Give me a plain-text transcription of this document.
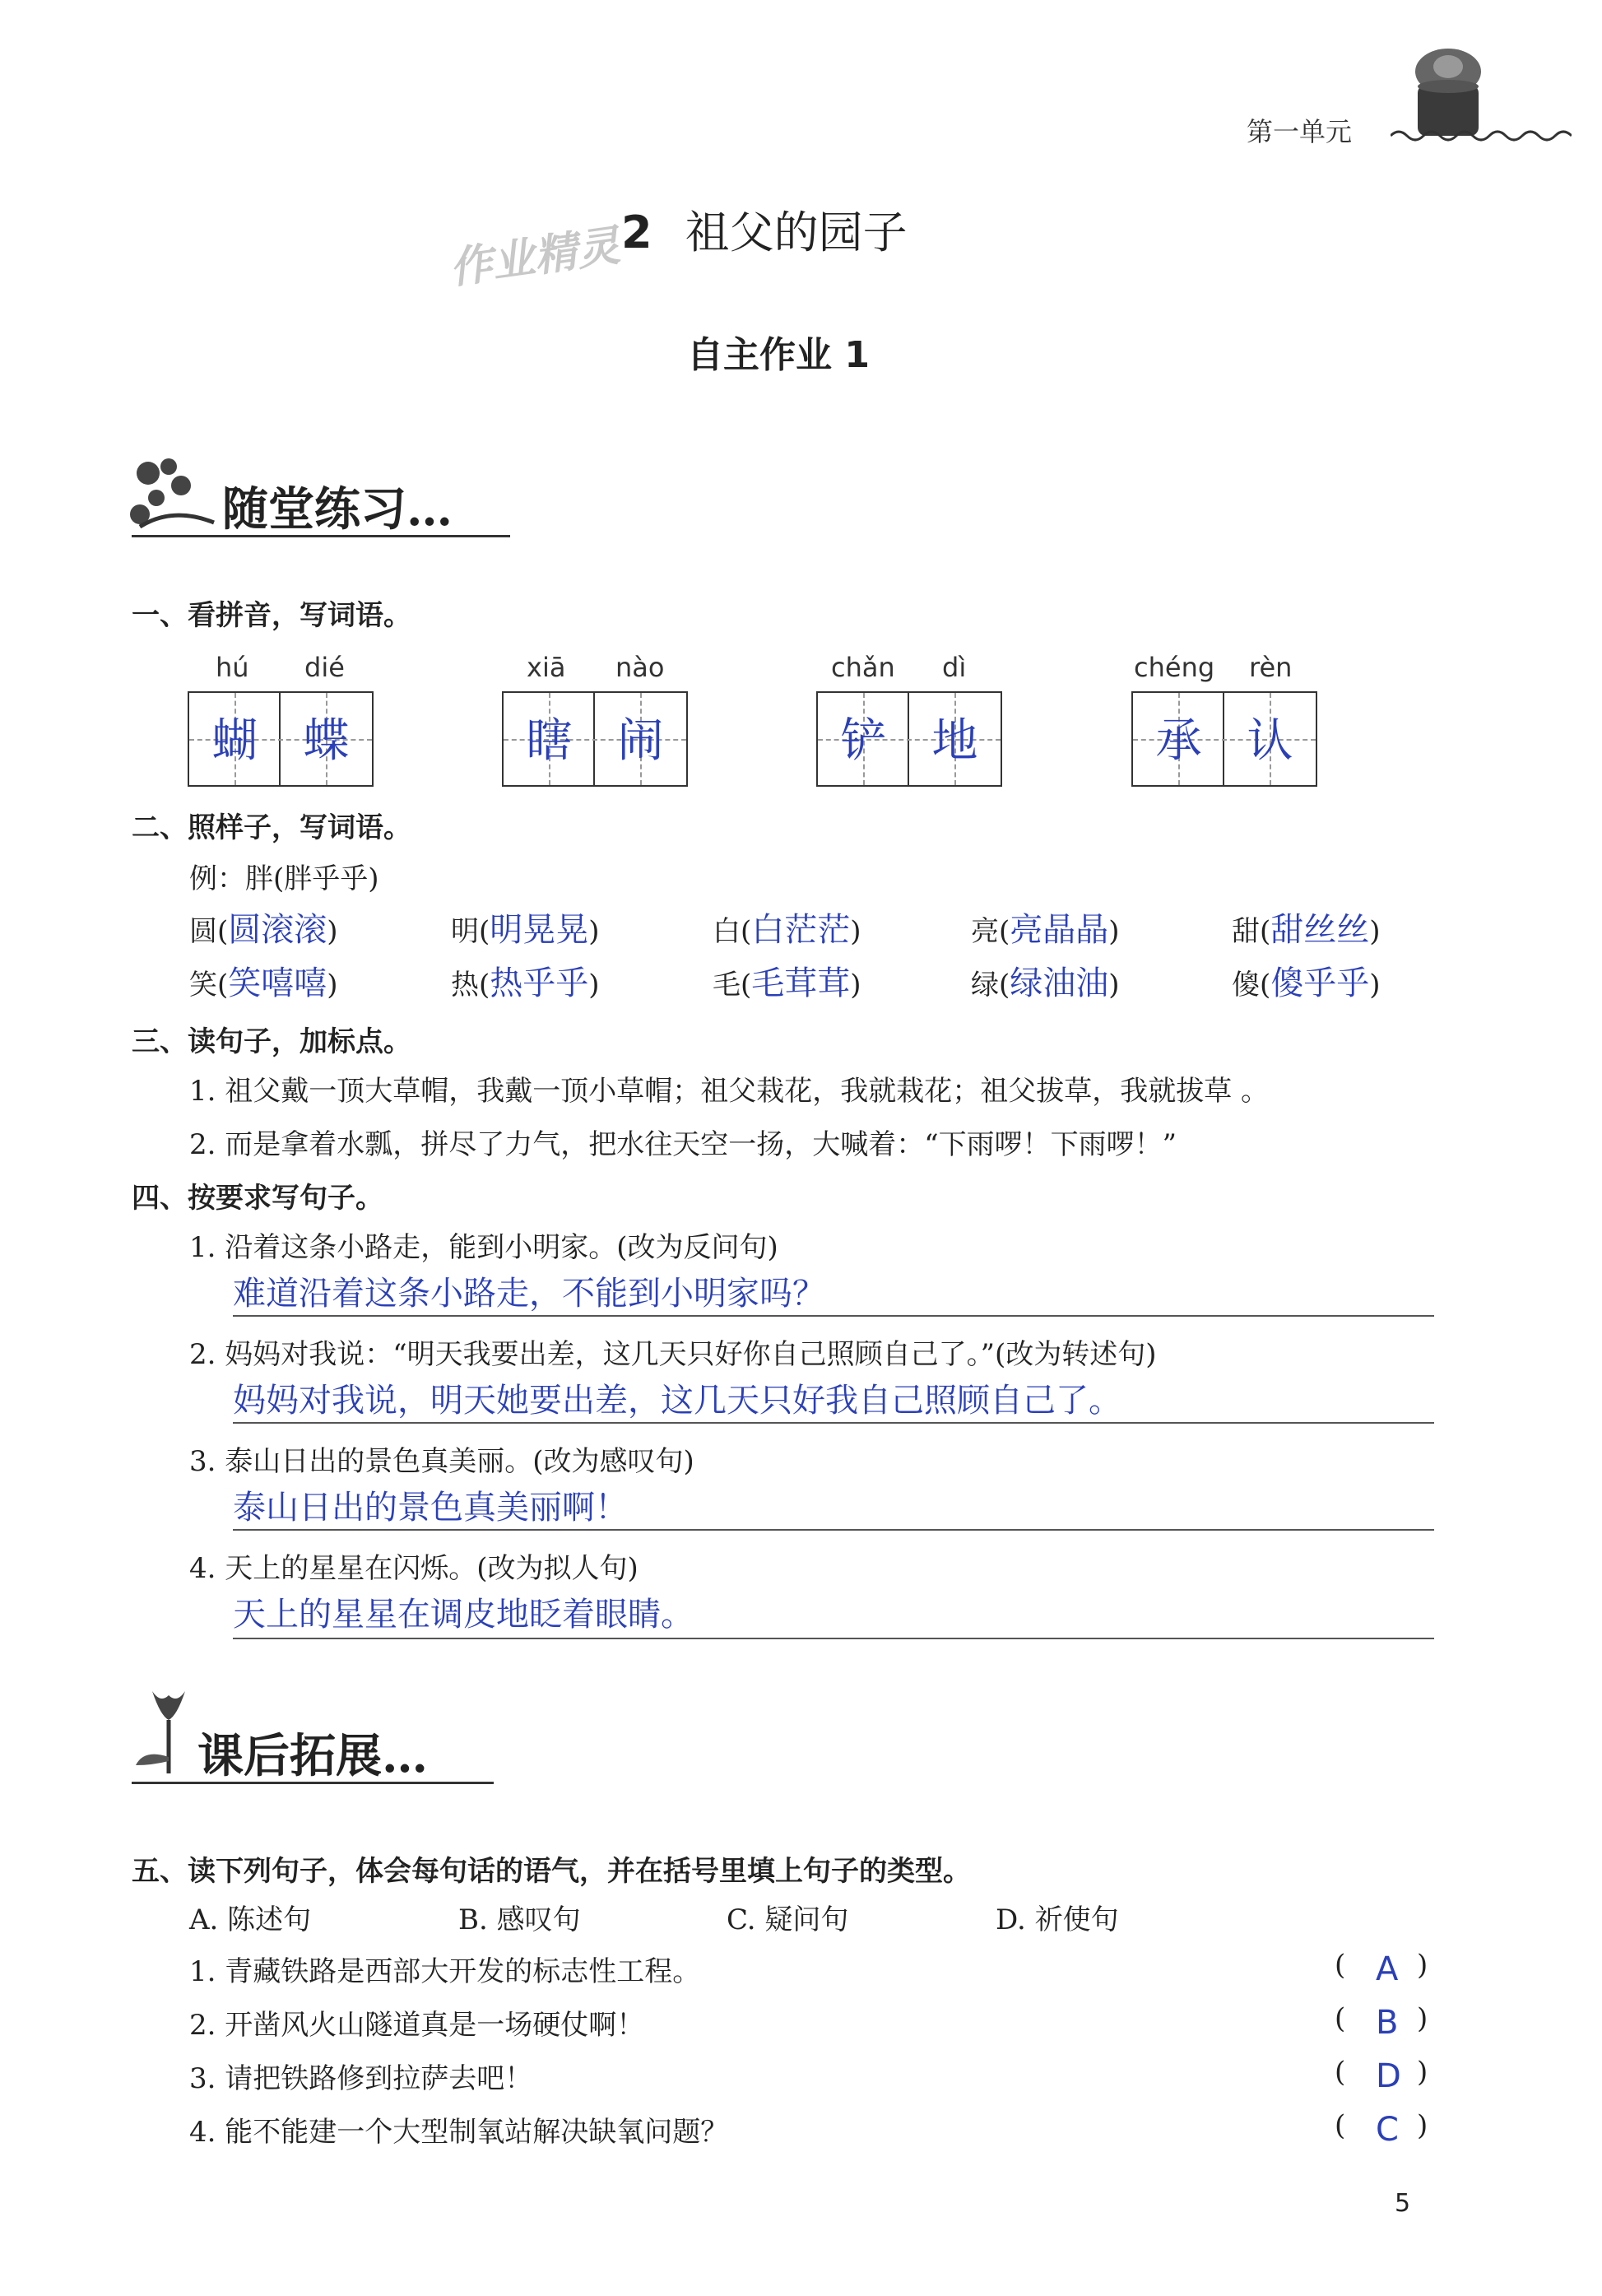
第一单元
作业精灵
2 祖父的园子
自主作业 1
随堂练习…
一、看拼音，写词语。
hú dié
蝴 蝶
xiā nào
瞎 闹
chǎn dì
铲 地
chéng rèn
承 认
二、照样子，写词语。
例：胖(胖乎乎)
圆(圆滚滚)	明(明晃晃)	白(白茫茫)	亮(亮晶晶)	甜(甜丝丝)
笑(笑嘻嘻)	热(热乎乎)	毛(毛茸茸)	绿(绿油油)	傻(傻乎乎)
三、读句子，加标点。
1. 祖父戴一顶大草帽，我戴一顶小草帽；祖父栽花，我就栽花；祖父拔草，我就拔草 。
2. 而是拿着水瓢，拼尽了力气，把水往天空一扬，大喊着：“下雨啰！下雨啰！”
四、按要求写句子。
1. 沿着这条小路走，能到小明家。(改为反问句)
难道沿着这条小路走，不能到小明家吗？
2. 妈妈对我说：“明天我要出差，这几天只好你自己照顾自己了。”(改为转述句)
妈妈对我说，明天她要出差，这几天只好我自己照顾自己了。
3. 泰山日出的景色真美丽。(改为感叹句)
泰山日出的景色真美丽啊！
4. 天上的星星在闪烁。(改为拟人句)
天上的星星在调皮地眨着眼睛。
课后拓展…
五、读下列句子，体会每句话的语气，并在括号里填上句子的类型。
A. 陈述句	B. 感叹句	C. 疑问句	D. 祈使句
1. 青藏铁路是西部大开发的标志性工程。	( A )
2. 开凿风火山隧道真是一场硬仗啊！	( B )
3. 请把铁路修到拉萨去吧！	( D )
4. 能不能建一个大型制氧站解决缺氧问题？	( C )
5
